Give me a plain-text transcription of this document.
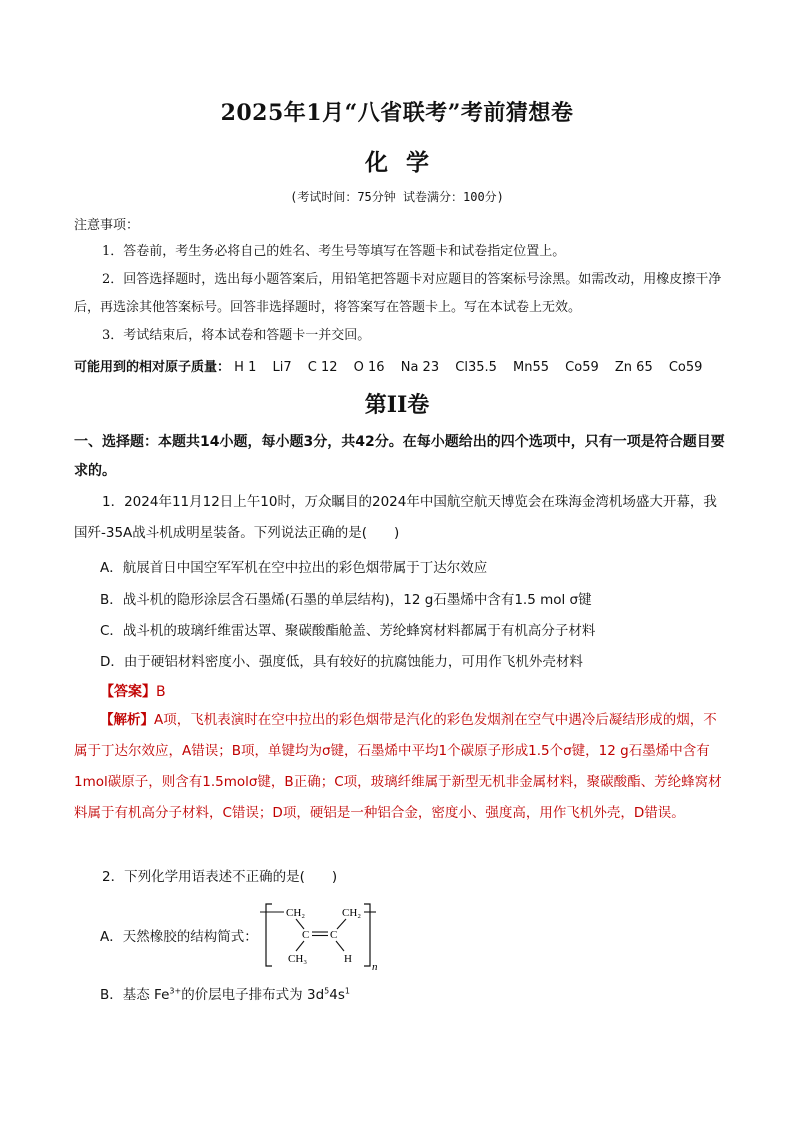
2025年1月“八省联考”考前猜想卷
化学
(考试时间：75分钟 试卷满分：100分)
注意事项：
1．答卷前，考生务必将自己的姓名、考生号等填写在答题卡和试卷指定位置上。
2．回答选择题时，选出每小题答案后，用铅笔把答题卡对应题目的答案标号涂黑。如需改动，用橡皮擦干净后，再选涂其他答案标号。回答非选择题时，将答案写在答题卡上。写在本试卷上无效。
3．考试结束后，将本试卷和答题卡一并交回。
可能用到的相对原子质量： H 1 Li7 C 12 O 16 Na 23 Cl35.5 Mn55 Co59 Zn 65 Co59
第II卷
一、选择题：本题共14小题，每小题3分，共42分。在每小题给出的四个选项中，只有一项是符合题目要求的。
1．2024年11月12日上午10时，万众瞩目的2024年中国航空航天博览会在珠海金湾机场盛大开幕，我国歼-35A战斗机成明星装备。下列说法正确的是(　　)
A．航展首日中国空军军机在空中拉出的彩色烟带属于丁达尔效应
B．战斗机的隐形涂层含石墨烯(石墨的单层结构)，12 g石墨烯中含有1.5 mol σ键
C．战斗机的玻璃纤维雷达罩、聚碳酸酯舱盖、芳纶蜂窝材料都属于有机高分子材料
D．由于硬铝材料密度小、强度低，具有较好的抗腐蚀能力，可用作飞机外壳材料
【答案】B
【解析】A项，飞机表演时在空中拉出的彩色烟带是汽化的彩色发烟剂在空气中遇冷后凝结形成的烟，不属于丁达尔效应，A错误；B项，单键均为σ键，石墨烯中平均1个碳原子形成1.5个σ键，12 g石墨烯中含有1mol碳原子，则含有1.5molσ键，B正确；C项，玻璃纤维属于新型无机非金属材料，聚碳酸酯、芳纶蜂窝材料属于有机高分子材料，C错误；D项，硬铝是一种铝合金，密度小、强度高，用作飞机外壳，D错误。
2．下列化学用语表述不正确的是(　　)
A．天然橡胶的结构简式：
CH₂	CH₂
C C
CH₃	H
n
B．基态 $Fe^{3+}$的价层电子排布式为 $3d^54s^1$
